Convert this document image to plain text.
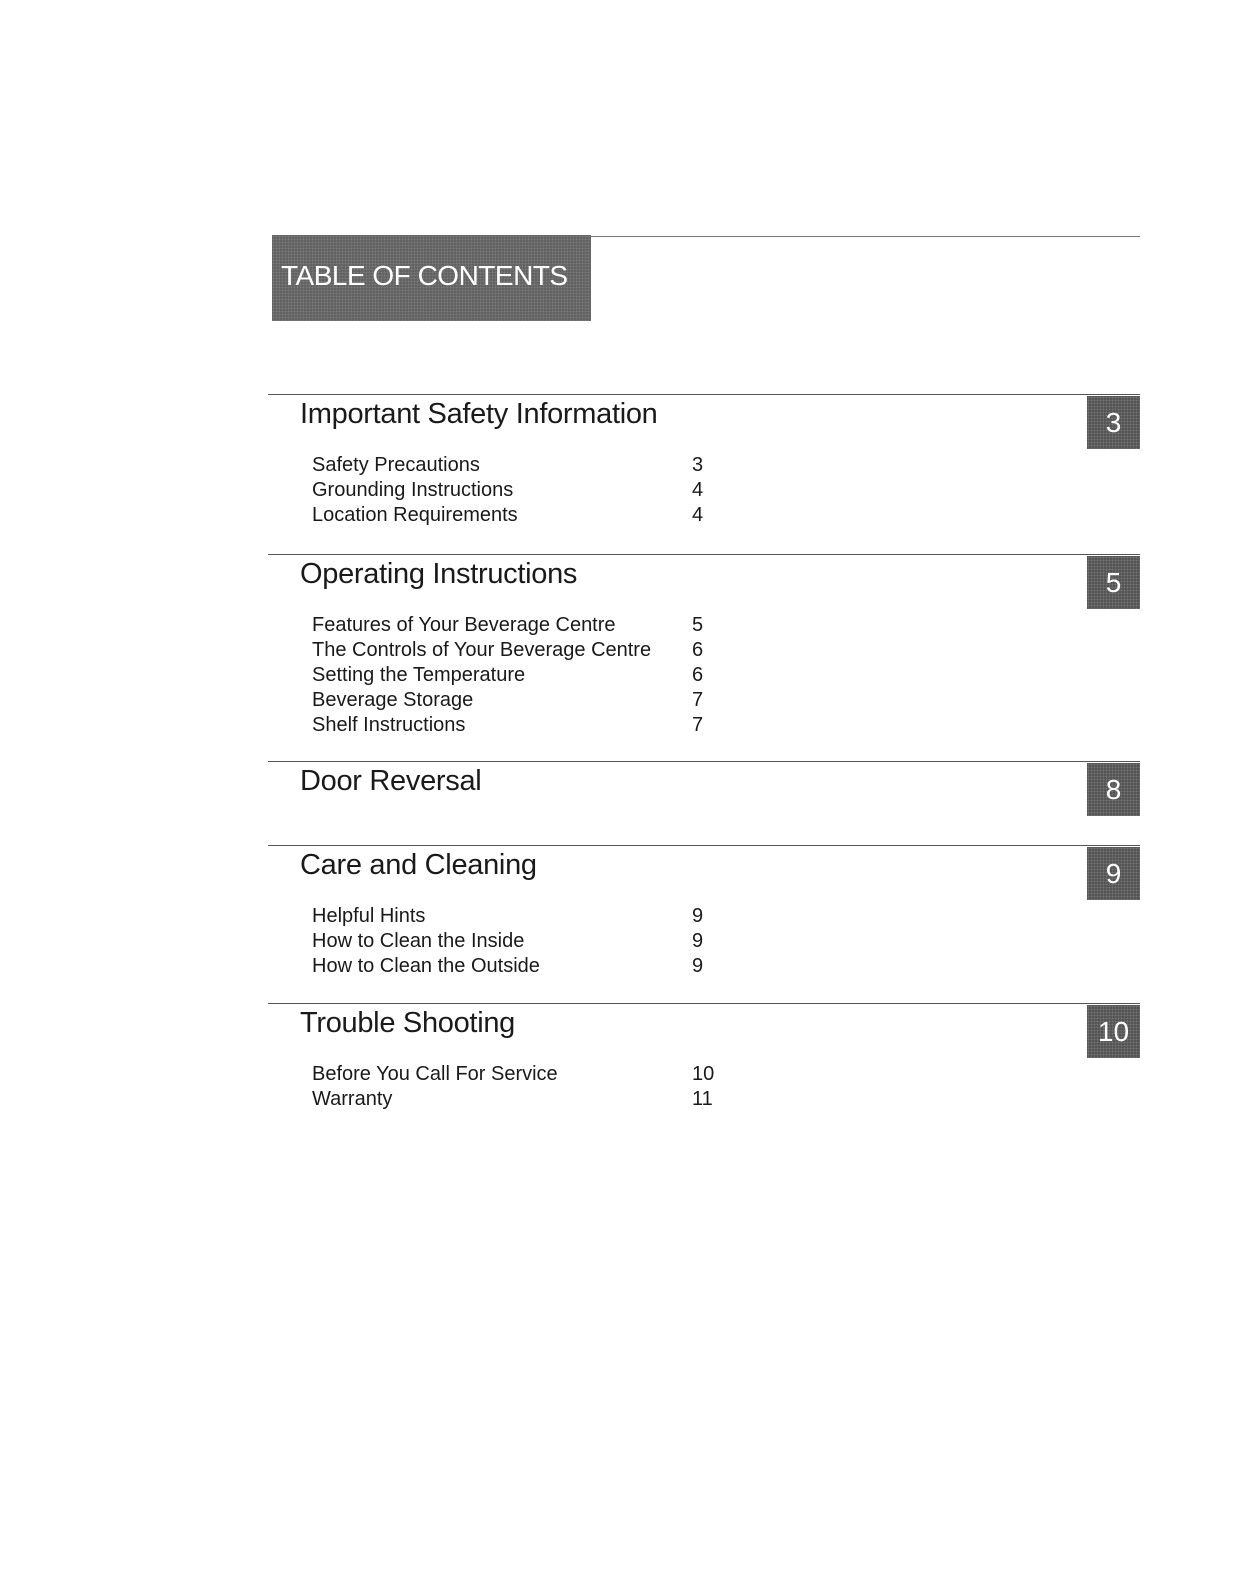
TABLE OF CONTENTS
Important Safety Information	3
Safety Precautions	3
Grounding Instructions	4
Location Requirements	4
Operating Instructions	5
Features of Your Beverage Centre	5
The Controls of Your Beverage Centre 6
Setting the Temperature	6
Beverage Storage	7
Shelf Instructions	7
Door Reversal	8
Care and Cleaning	9
Helpful Hints	9
How to Clean the Inside	9
How to Clean the Outside	9
Trouble Shooting	10
Before You Call For Service	10
Warranty	11
